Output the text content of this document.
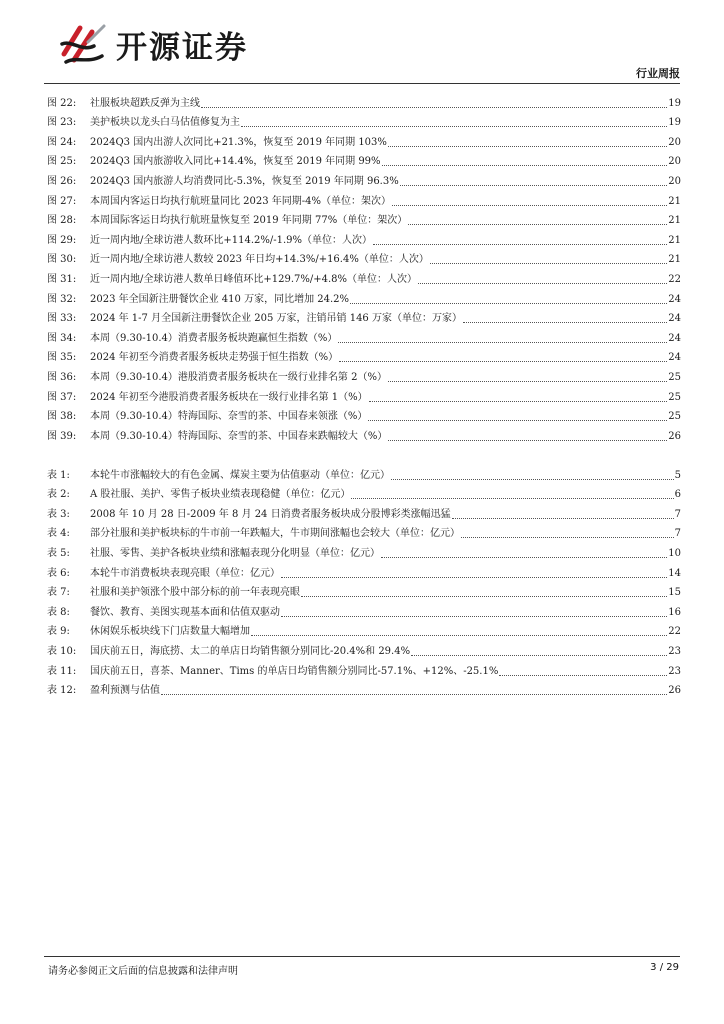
开源证券
行业周报
图 22:	社服板块超跌反弹为主线	19
图 23:	美护板块以龙头白马估值修复为主	19
图 24:	2024Q3 国内出游人次同比+21.3%，恢复至 2019 年同期 103%	20
图 25:	2024Q3 国内旅游收入同比+14.4%，恢复至 2019 年同期 99%	20
图 26:	2024Q3 国内旅游人均消费同比-5.3%，恢复至 2019 年同期 96.3%	20
图 27:	本周国内客运日均执行航班量同比 2023 年同期-4%（单位：架次）	21
图 28:	本周国际客运日均执行航班量恢复至 2019 年同期 77%（单位：架次）	21
图 29:	近一周内地/全球访港人数环比+114.2%/-1.9%（单位：人次）	21
图 30:	近一周内地/全球访港人数较 2023 年日均+14.3%/+16.4%（单位：人次）	21
图 31:	近一周内地/全球访港人数单日峰值环比+129.7%/+4.8%（单位：人次）	22
图 32:	2023 年全国新注册餐饮企业 410 万家，同比增加 24.2%	24
图 33:	2024 年 1-7 月全国新注册餐饮企业 205 万家，注销吊销 146 万家（单位：万家）	24
图 34:	本周（9.30-10.4）消费者服务板块跑赢恒生指数（%）	24
图 35:	2024 年初至今消费者服务板块走势强于恒生指数（%）	24
图 36:	本周（9.30-10.4）港股消费者服务板块在一级行业排名第 2（%）	25
图 37:	2024 年初至今港股消费者服务板块在一级行业排名第 1（%）	25
图 38:	本周（9.30-10.4）特海国际、奈雪的茶、中国春来领涨（%）	25
图 39:	本周（9.30-10.4）特海国际、奈雪的茶、中国春来跌幅较大（%）	26
表 1:	本轮牛市涨幅较大的有色金属、煤炭主要为估值驱动（单位：亿元）	5
表 2:	A 股社服、美护、零售子板块业绩表现稳健（单位：亿元）	6
表 3:	2008 年 10 月 28 日-2009 年 8 月 24 日消费者服务板块成分股博彩类涨幅迅猛	7
表 4:	部分社服和美护板块标的牛市前一年跌幅大，牛市期间涨幅也会较大（单位：亿元）	7
表 5:	社服、零售、美护各板块业绩和涨幅表现分化明显（单位：亿元）	10
表 6:	本轮牛市消费板块表现亮眼（单位：亿元）	14
表 7:	社服和美护领涨个股中部分标的前一年表现亮眼	15
表 8:	餐饮、教育、美图实现基本面和估值双驱动	16
表 9:	休闲娱乐板块线下门店数量大幅增加	22
表 10:	国庆前五日，海底捞、太二的单店日均销售额分别同比-20.4%和 29.4%	23
表 11:	国庆前五日，喜茶、Manner、Tims 的单店日均销售额分别同比-57.1%、+12%、-25.1%	23
表 12:	盈利预测与估值	26
请务必参阅正文后面的信息披露和法律声明	3 / 29
